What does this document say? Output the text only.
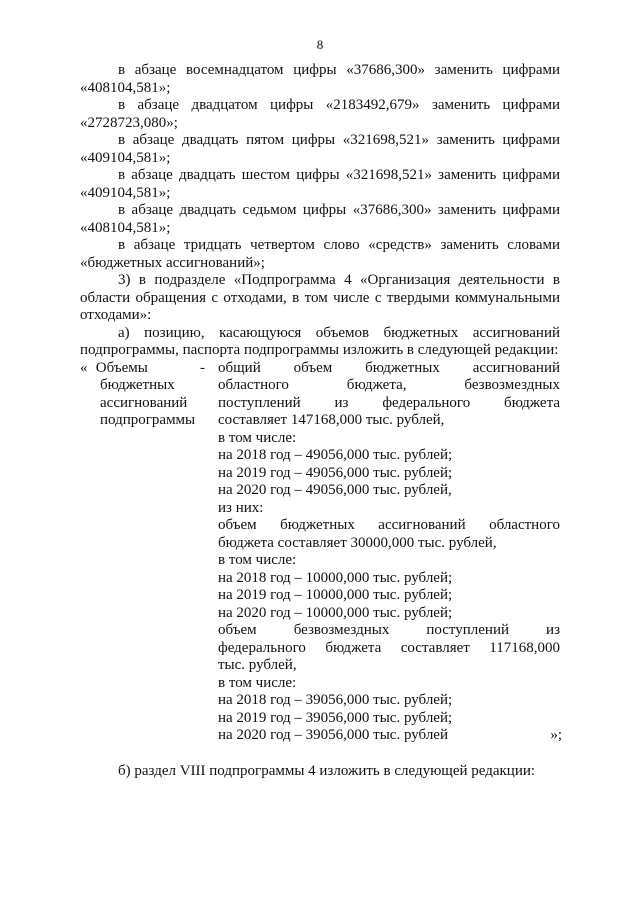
8

в абзаце восемнадцатом цифры «37686,300» заменить цифрами «408104,581»;

в абзаце двадцатом цифры «2183492,679» заменить цифрами «2728723,080»;

в абзаце двадцать пятом цифры «321698,521» заменить цифрами «409104,581»;

в абзаце двадцать шестом цифры «321698,521» заменить цифрами «409104,581»;

в абзаце двадцать седьмом цифры «37686,300» заменить цифрами «408104,581»;

в абзаце тридцать четвертом слово «средств» заменить словами «бюджетных ассигнований»;

3) в подразделе «Подпрограмма 4 «Организация деятельности в области обращения с отходами, в том числе с твердыми коммунальными отходами»:

а) позицию, касающуюся объемов бюджетных ассигнований подпрограммы, паспорта подпрограммы изложить в следующей редакции:

« Объемы
бюджетных
ассигнований
подпрограммы
- общий объем бюджетных ассигнований
областного бюджета, безвозмездных
поступлений из федерального бюджета
составляет 147168,000 тыс. рублей,
в том числе:
на 2018 год – 49056,000 тыс. рублей;
на 2019 год – 49056,000 тыс. рублей;
на 2020 год – 49056,000 тыс. рублей,
из них:
объем бюджетных ассигнований областного
бюджета составляет 30000,000 тыс. рублей,
в том числе:
на 2018 год – 10000,000 тыс. рублей;
на 2019 год – 10000,000 тыс. рублей;
на 2020 год – 10000,000 тыс. рублей;
объем безвозмездных поступлений из
федерального бюджета составляет 117168,000
тыс. рублей,
в том числе:
на 2018 год – 39056,000 тыс. рублей;
на 2019 год – 39056,000 тыс. рублей;
на 2020 год – 39056,000 тыс. рублей	»;

б) раздел VIII подпрограммы 4 изложить в следующей редакции:
